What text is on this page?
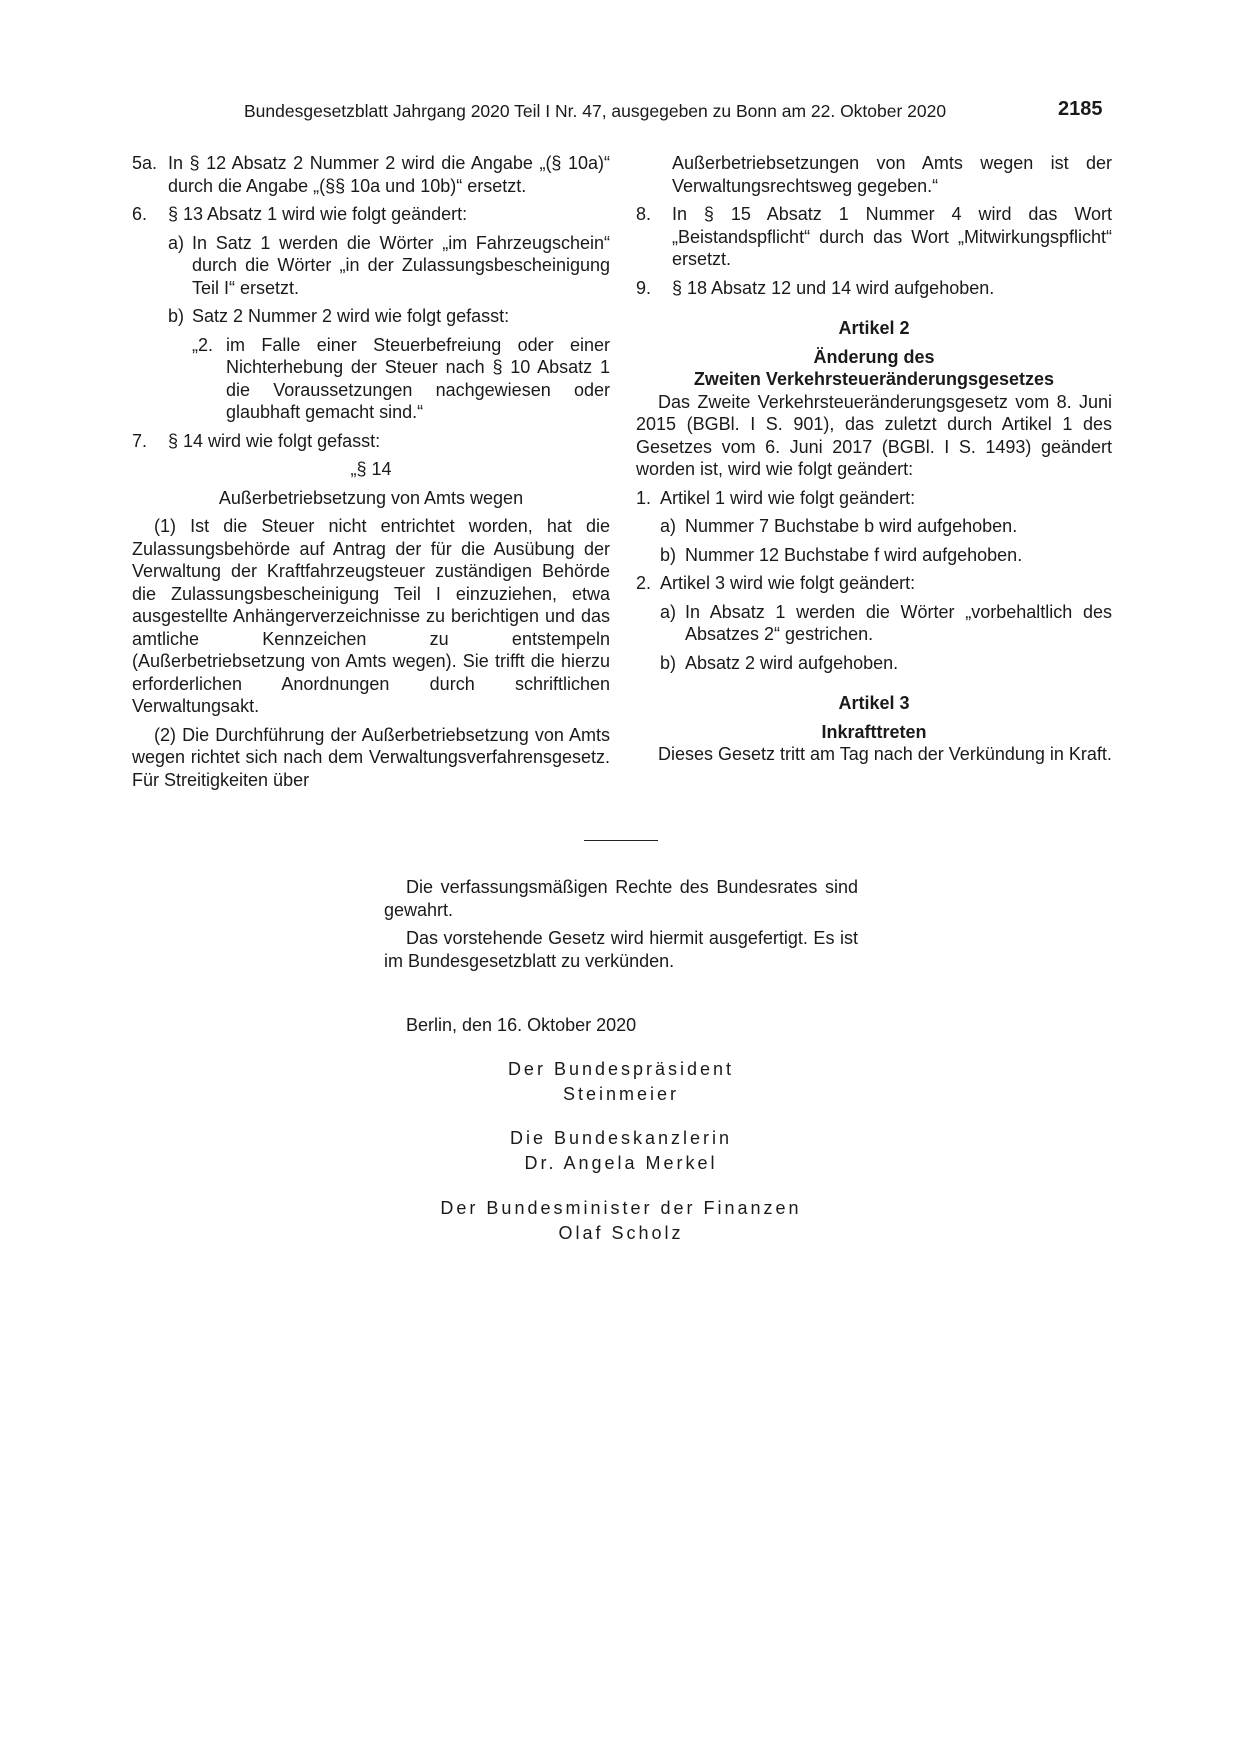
Bundesgesetzblatt Jahrgang 2020 Teil I Nr. 47, ausgegeben zu Bonn am 22. Oktober 2020	2185
5a. In § 12 Absatz 2 Nummer 2 wird die Angabe „(§ 10a)“ durch die Angabe „(§§ 10a und 10b)“ ersetzt.
6. § 13 Absatz 1 wird wie folgt geändert:
a) In Satz 1 werden die Wörter „im Fahrzeugschein“ durch die Wörter „in der Zulassungsbescheinigung Teil I“ ersetzt.
b) Satz 2 Nummer 2 wird wie folgt gefasst:
„2. im Falle einer Steuerbefreiung oder einer Nichterhebung der Steuer nach § 10 Absatz 1 die Voraussetzungen nachgewiesen oder glaubhaft gemacht sind.“
7. § 14 wird wie folgt gefasst:
„§ 14
Außerbetriebsetzung von Amts wegen
(1) Ist die Steuer nicht entrichtet worden, hat die Zulassungsbehörde auf Antrag der für die Ausübung der Verwaltung der Kraftfahrzeugsteuer zuständigen Behörde die Zulassungsbescheinigung Teil I einzuziehen, etwa ausgestellte Anhängerverzeichnisse zu berichtigen und das amtliche Kennzeichen zu entstempeln (Außerbetriebsetzung von Amts wegen). Sie trifft die hierzu erforderlichen Anordnungen durch schriftlichen Verwaltungsakt.
(2) Die Durchführung der Außerbetriebsetzung von Amts wegen richtet sich nach dem Verwaltungsverfahrensgesetz. Für Streitigkeiten über
Außerbetriebsetzungen von Amts wegen ist der Verwaltungsrechtsweg gegeben.“
8. In § 15 Absatz 1 Nummer 4 wird das Wort „Beistandspflicht“ durch das Wort „Mitwirkungspflicht“ ersetzt.
9. § 18 Absatz 12 und 14 wird aufgehoben.
Artikel 2
Änderung des
Zweiten Verkehrsteueränderungsgesetzes
Das Zweite Verkehrsteueränderungsgesetz vom 8. Juni 2015 (BGBl. I S. 901), das zuletzt durch Artikel 1 des Gesetzes vom 6. Juni 2017 (BGBl. I S. 1493) geändert worden ist, wird wie folgt geändert:
1. Artikel 1 wird wie folgt geändert:
a) Nummer 7 Buchstabe b wird aufgehoben.
b) Nummer 12 Buchstabe f wird aufgehoben.
2. Artikel 3 wird wie folgt geändert:
a) In Absatz 1 werden die Wörter „vorbehaltlich des Absatzes 2“ gestrichen.
b) Absatz 2 wird aufgehoben.
Artikel 3
Inkrafttreten
Dieses Gesetz tritt am Tag nach der Verkündung in Kraft.

Die verfassungsmäßigen Rechte des Bundesrates sind gewahrt.

Das vorstehende Gesetz wird hiermit ausgefertigt. Es ist im Bundesgesetzblatt zu verkünden.

Berlin, den 16. Oktober 2020
Der Bundespräsident
Steinmeier
Die Bundeskanzlerin
Dr. Angela Merkel
Der Bundesminister der Finanzen
Olaf Scholz
